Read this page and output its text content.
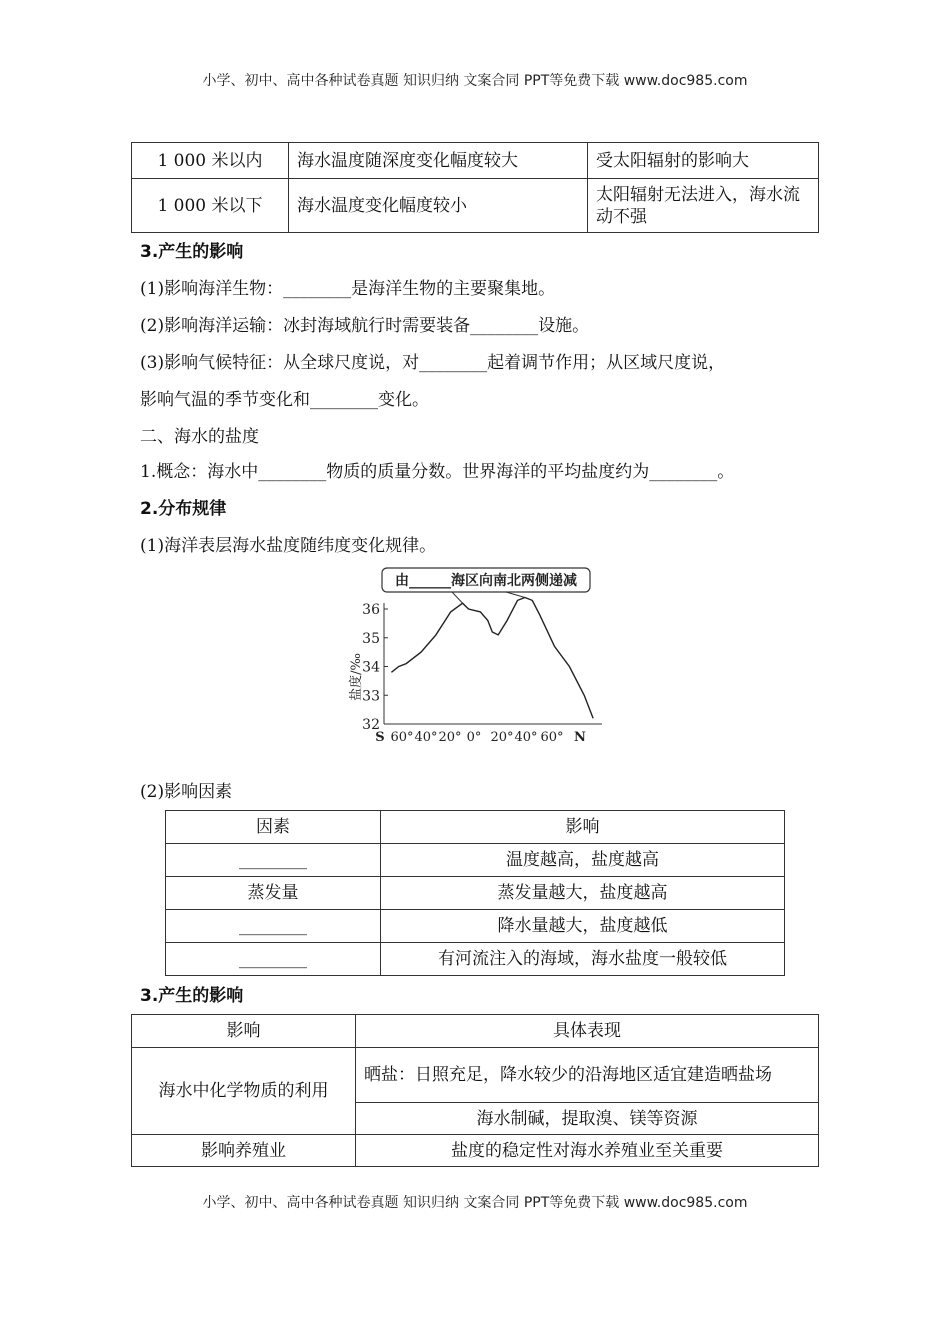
小学、初中、高中各种试卷真题 知识归纳 文案合同 PPT等免费下载 www.doc985.com
1 000 米以内	海水温度随深度变化幅度较大	受太阳辐射的影响大
1 000 米以下	海水温度变化幅度较小	太阳辐射无法进入，海水流动不强
3.产生的影响
(1)影响海洋生物：________是海洋生物的主要聚集地。
(2)影响海洋运输：冰封海域航行时需要装备________设施。
(3)影响气候特征：从全球尺度说，对________起着调节作用；从区域尺度说，
影响气温的季节变化和________变化。
二、海水的盐度
1.概念：海水中________物质的质量分数。世界海洋的平均盐度约为________。
2.分布规律
(1)海洋表层海水盐度随纬度变化规律。
32
33
34
35
36
S 60° 40° 20° 0° 20° 40° 60° N
盐度/‰
由______海区向南北两侧递减
(2)影响因素
因素	影响
________	温度越高，盐度越高
蒸发量	蒸发量越大，盐度越高
________	降水量越大，盐度越低
________	有河流注入的海域，海水盐度一般较低
3.产生的影响
影响	具体表现
海水中化学物质的利用	晒盐：日照充足，降水较少的沿海地区适宜建造晒盐场
	海水制碱，提取溴、镁等资源
影响养殖业	盐度的稳定性对海水养殖业至关重要
小学、初中、高中各种试卷真题 知识归纳 文案合同 PPT等免费下载 www.doc985.com
